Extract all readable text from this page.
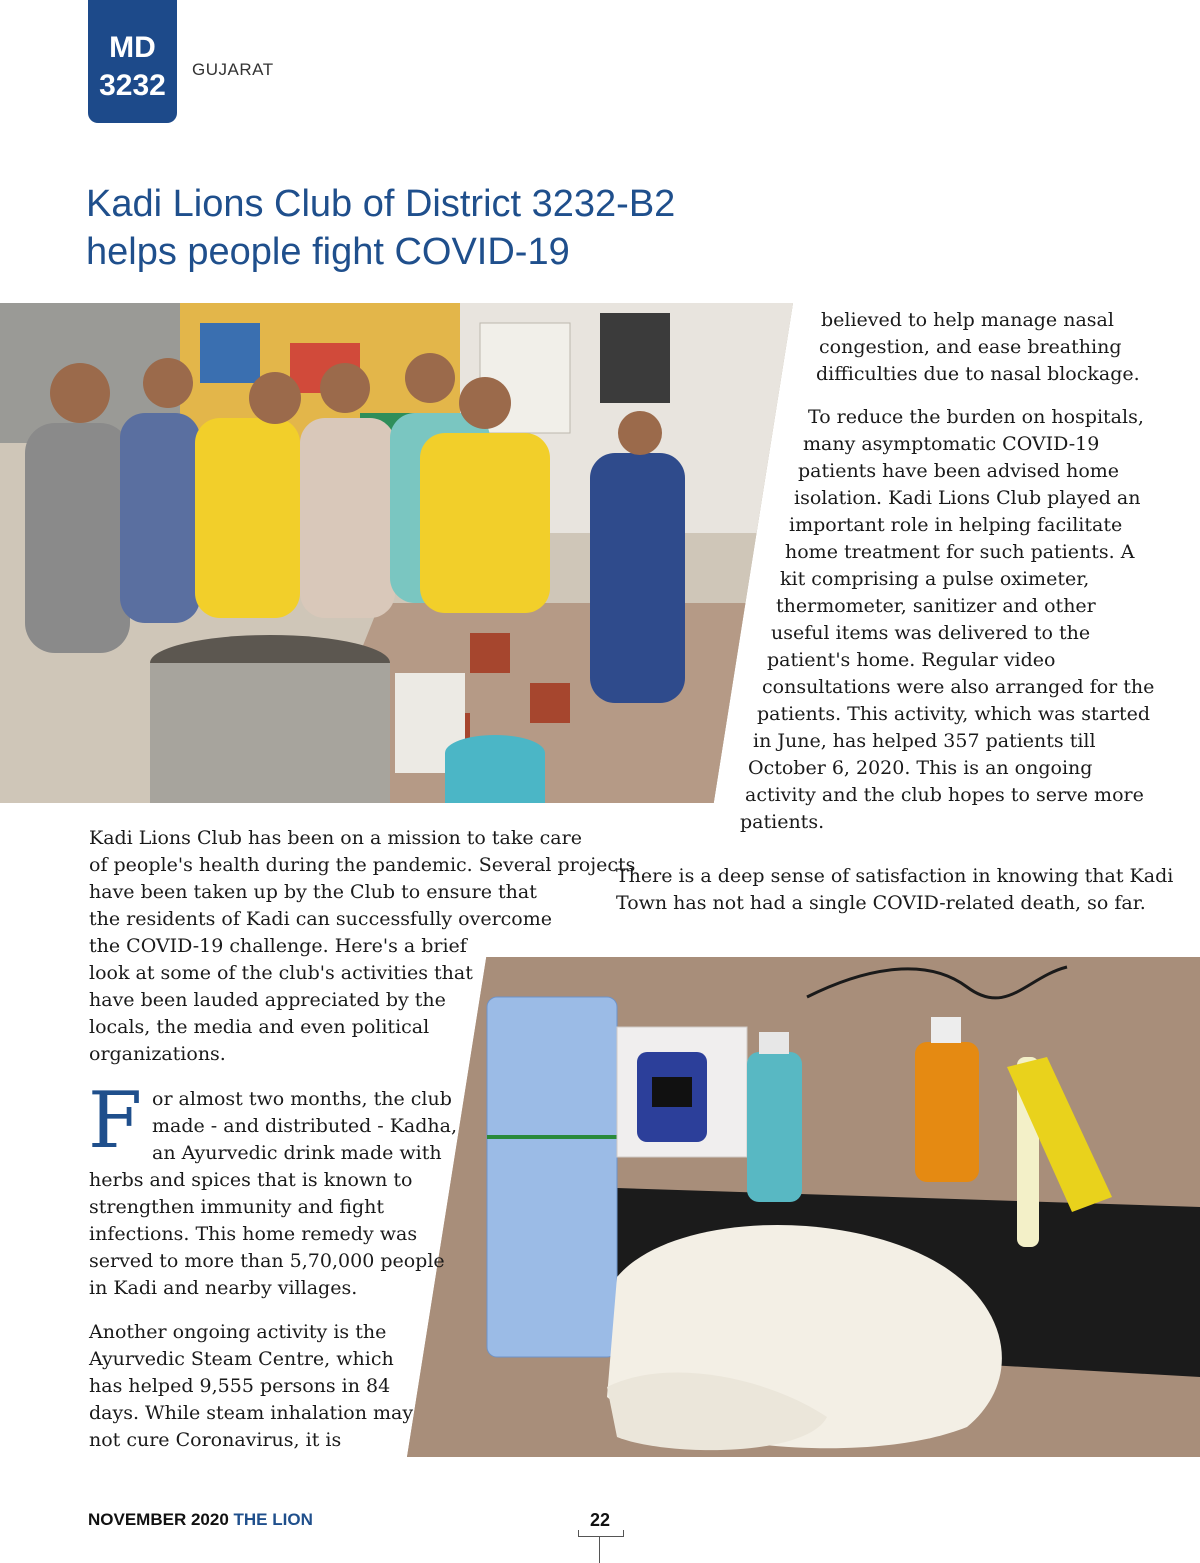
MD
3232	GUJARAT
Kadi Lions Club of District 3232-B2
helps people fight COVID-19

believed to help manage nasal
congestion, and ease breathing
difficulties due to nasal blockage.

To reduce the burden on hospitals,
many asymptomatic COVID-19
patients have been advised home
isolation. Kadi Lions Club played an
important role in helping facilitate
home treatment for such patients. A
kit comprising a pulse oximeter,
thermometer, sanitizer and other
useful items was delivered to the
patient's home. Regular video
consultations were also arranged for the
patients. This activity, which was started
in June, has helped 357 patients till
October 6, 2020. This is an ongoing
activity and the club hopes to serve more
patients.

There is a deep sense of satisfaction in knowing that Kadi
Town has not had a single COVID-related death, so far.

Kadi Lions Club has been on a mission to take care
of people's health during the pandemic. Several projects
have been taken up by the Club to ensure that
the residents of Kadi can successfully overcome
the COVID-19 challenge. Here's a brief
look at some of the club's activities that
have been lauded appreciated by the
locals, the media and even political
organizations.

F or almost two months, the club
made - and distributed - Kadha,
an Ayurvedic drink made with
herbs and spices that is known to
strengthen immunity and fight
infections. This home remedy was
served to more than 5,70,000 people
in Kadi and nearby villages.

Another ongoing activity is the
Ayurvedic Steam Centre, which
has helped 9,555 persons in 84
days. While steam inhalation may
not cure Coronavirus, it is

NOVEMBER 2020 THE LION	22
